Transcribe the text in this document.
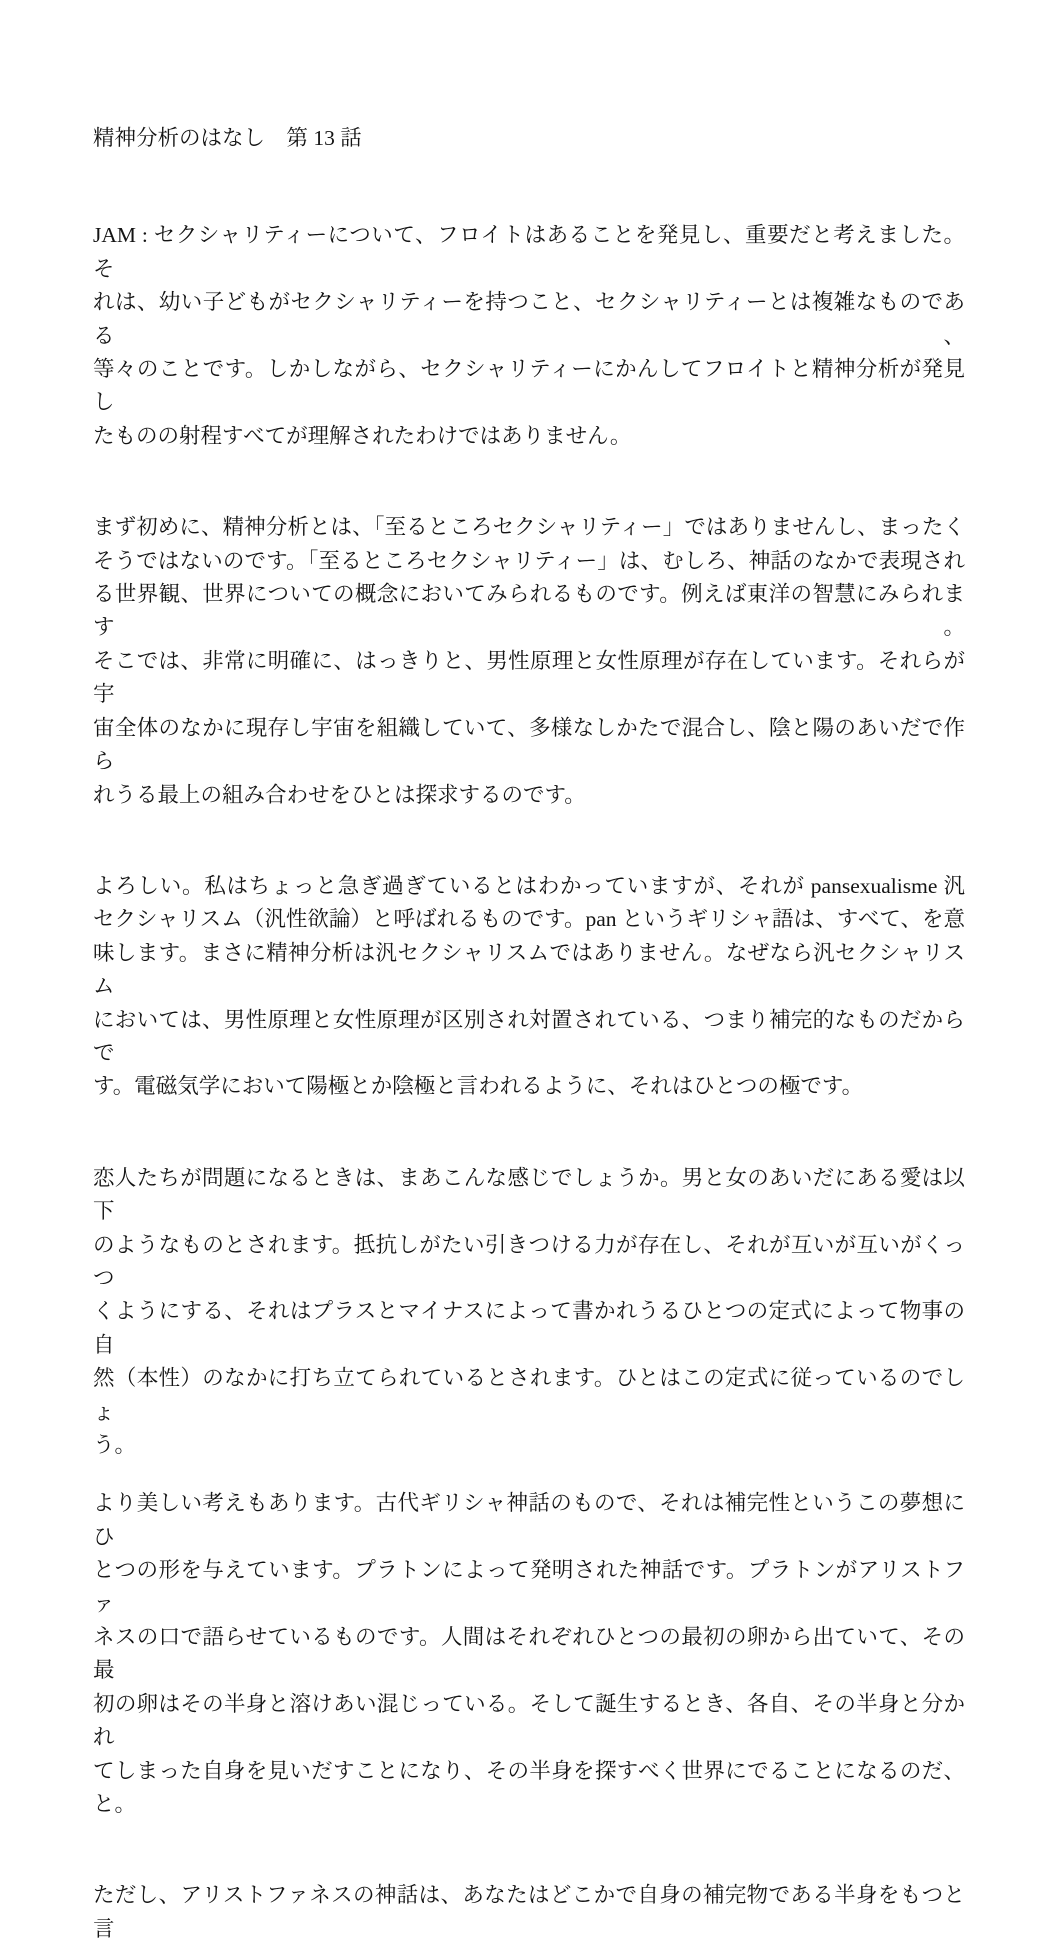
精神分析のはなし　第 13 話
JAM : セクシャリティーについて、フロイトはあることを発見し、重要だと考えました。そ
れは、幼い子どもがセクシャリティーを持つこと、セクシャリティーとは複雑なものである、
等々のことです。しかしながら、セクシャリティーにかんしてフロイトと精神分析が発見し
たものの射程すべてが理解されたわけではありません。
まず初めに、精神分析とは、「至るところセクシャリティー」ではありませんし、まったく
そうではないのです。「至るところセクシャリティー」は、むしろ、神話のなかで表現され
る世界観、世界についての概念においてみられるものです。例えば東洋の智慧にみられます。
そこでは、非常に明確に、はっきりと、男性原理と女性原理が存在しています。それらが宇
宙全体のなかに現存し宇宙を組織していて、多様なしかたで混合し、陰と陽のあいだで作ら
れうる最上の組み合わせをひとは探求するのです。
よろしい。私はちょっと急ぎ過ぎているとはわかっていますが、それが pansexualisme 汎
セクシャリスム（汎性欲論）と呼ばれるものです。pan というギリシャ語は、すべて、を意
味します。まさに精神分析は汎セクシャリスムではありません。なぜなら汎セクシャリスム
においては、男性原理と女性原理が区別され対置されている、つまり補完的なものだからで
す。電磁気学において陽極とか陰極と言われるように、それはひとつの極です。
恋人たちが問題になるときは、まあこんな感じでしょうか。男と女のあいだにある愛は以下
のようなものとされます。抵抗しがたい引きつける力が存在し、それが互いが互いがくっつ
くようにする、それはプラスとマイナスによって書かれうるひとつの定式によって物事の自
然（本性）のなかに打ち立てられているとされます。ひとはこの定式に従っているのでしょ
う。
より美しい考えもあります。古代ギリシャ神話のもので、それは補完性というこの夢想にひ
とつの形を与えています。プラトンによって発明された神話です。プラトンがアリストファ
ネスの口で語らせているものです。人間はそれぞれひとつの最初の卵から出ていて、その最
初の卵はその半身と溶けあい混じっている。そして誕生するとき、各自、その半身と分かれ
てしまった自身を見いだすことになり、その半身を探すべく世界にでることになるのだ、と。
ただし、アリストファネスの神話は、あなたはどこかで自身の補完物である半身をもつと言
